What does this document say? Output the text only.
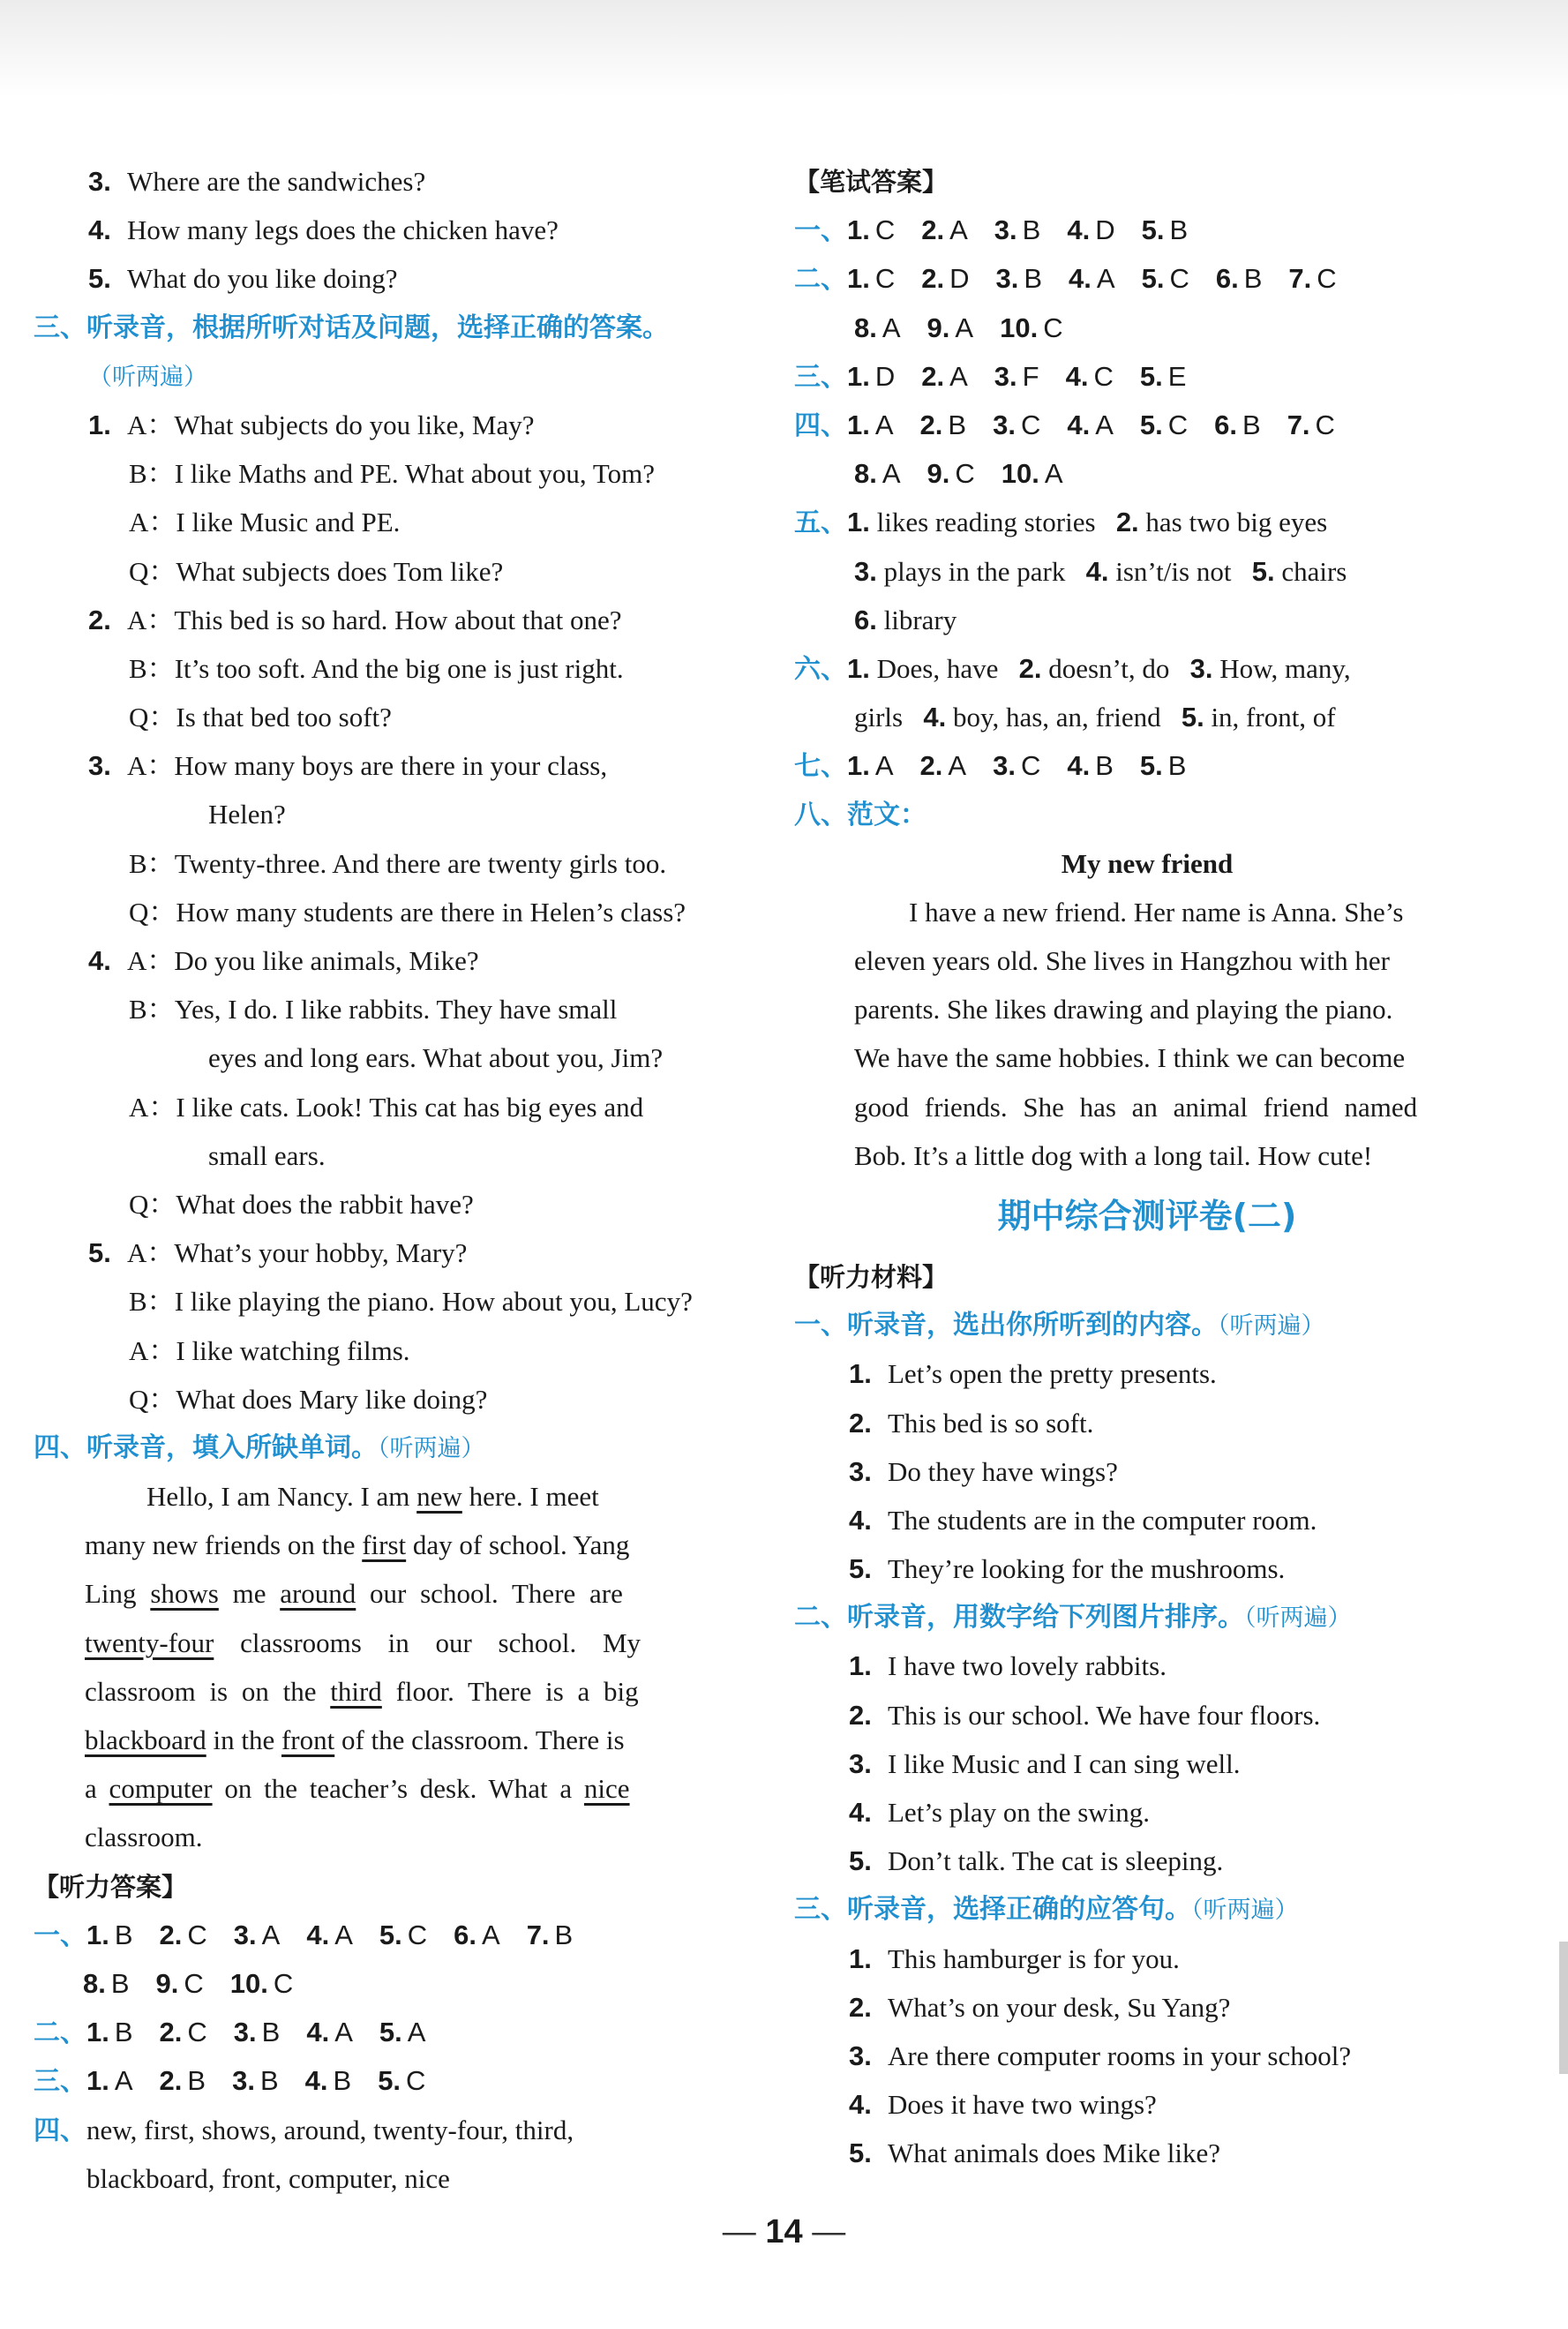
3. Where are the sandwiches?
4. How many legs does the chicken have?
5. What do you like doing?
三、听录音，根据所听对话及问题，选择正确的答案。
（听两遍）
1. A：What subjects do you like, May?
B：I like Maths and PE. What about you, Tom?
A：I like Music and PE.
Q：What subjects does Tom like?
2. A：This bed is so hard. How about that one?
B：It’s too soft. And the big one is just right.
Q：Is that bed too soft?
3. A：How many boys are there in your class,
Helen?
B：Twenty-three. And there are twenty girls too.
Q：How many students are there in Helen’s class?
4. A：Do you like animals, Mike?
B：Yes, I do. I like rabbits. They have small
eyes and long ears. What about you, Jim?
A：I like cats. Look! This cat has big eyes and
small ears.
Q：What does the rabbit have?
5. A：What’s your hobby, Mary?
B：I like playing the piano. How about you, Lucy?
A：I like watching films.
Q：What does Mary like doing?
四、听录音，填入所缺单词。（听两遍）
Hello, I am Nancy. I am new here. I meet
many new friends on the first day of school. Yang
Ling shows me around our school. There are
twenty-four classrooms in our school. My
classroom is on the third floor. There is a big
blackboard in the front of the classroom. There is
a computer on the teacher’s desk. What a nice
classroom.
【听力答案】
一、1. B 2. C 3. A 4. A 5. C 6. A 7. B
8. B 9. C 10. C
二、1. B 2. C 3. B 4. A 5. A
三、1. A 2. B 3. B 4. B 5. C
四、new, first, shows, around, twenty-four, third,
blackboard, front, computer, nice
【笔试答案】
一、1. C 2. A 3. B 4. D 5. B
二、1. C 2. D 3. B 4. A 5. C 6. B 7. C
8. A 9. A 10. C
三、1. D 2. A 3. F 4. C 5. E
四、1. A 2. B 3. C 4. A 5. C 6. B 7. C
8. A 9. C 10. A
五、1. likes reading stories 2. has two big eyes
3. plays in the park 4. isn’t/is not 5. chairs
6. library
六、1. Does, have 2. doesn’t, do 3. How, many,
girls 4. boy, has, an, friend 5. in, front, of
七、1. A 2. A 3. C 4. B 5. B
八、范文：
My new friend
I have a new friend. Her name is Anna. She’s
eleven years old. She lives in Hangzhou with her
parents. She likes drawing and playing the piano.
We have the same hobbies. I think we can become
good friends. She has an animal friend named
Bob. It’s a little dog with a long tail. How cute!
期中综合测评卷(二)
【听力材料】
一、听录音，选出你所听到的内容。（听两遍）
1. Let’s open the pretty presents.
2. This bed is so soft.
3. Do they have wings?
4. The students are in the computer room.
5. They’re looking for the mushrooms.
二、听录音，用数字给下列图片排序。（听两遍）
1. I have two lovely rabbits.
2. This is our school. We have four floors.
3. I like Music and I can sing well.
4. Let’s play on the swing.
5. Don’t talk. The cat is sleeping.
三、听录音，选择正确的应答句。（听两遍）
1. This hamburger is for you.
2. What’s on your desk, Su Yang?
3. Are there computer rooms in your school?
4. Does it have two wings?
5. What animals does Mike like?
— 14 —
